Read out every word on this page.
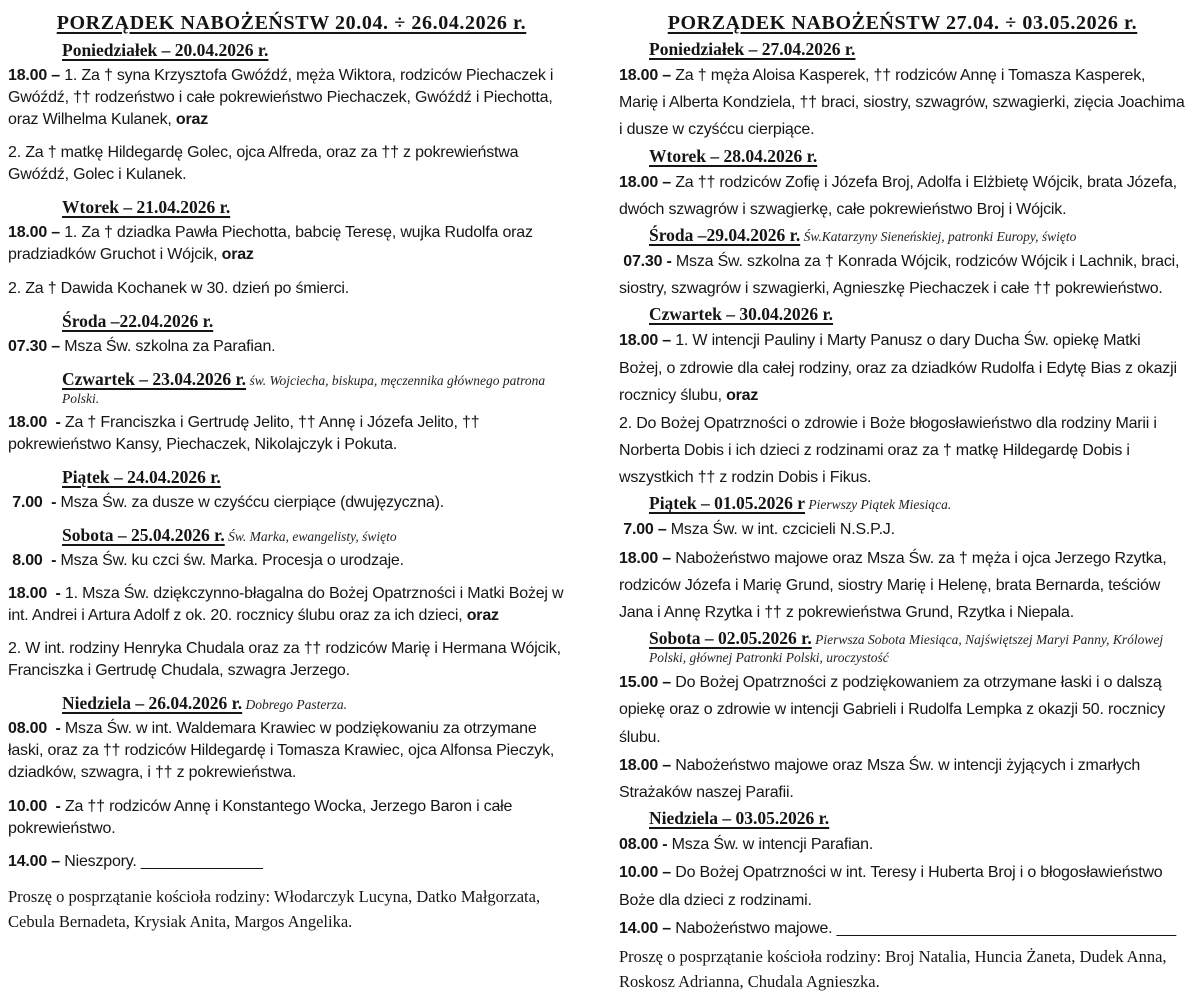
PORZĄDEK NABOŻEŃSTW 20.04. ÷ 26.04.2026 r.
Poniedziałek – 20.04.2026 r.
18.00 – 1. Za † syna Krzysztofa Gwóźdź, męża Wiktora, rodziców Piechaczek i Gwóźdź, †† rodzeństwo i całe pokrewieństwo Piechaczek, Gwóźdź i Piechotta, oraz Wilhelma Kulanek, oraz
2. Za † matkę Hildegardę Golec, ojca Alfreda, oraz za †† z pokrewieństwa Gwóźdź, Golec i Kulanek.
Wtorek – 21.04.2026 r.
18.00 – 1. Za † dziadka Pawła Piechotta, babcię Teresę, wujka Rudolfa oraz pradziadków Gruchot i Wójcik, oraz
2. Za † Dawida Kochanek w 30. dzień po śmierci.
Środa –22.04.2026 r.
07.30 – Msza Św. szkolna za Parafian.
Czwartek – 23.04.2026 r. św. Wojciecha, biskupa, męczennika głównego patrona Polski.
18.00  - Za † Franciszka i Gertrudę Jelito, †† Annę i Józefa Jelito, †† pokrewieństwo Kansy, Piechaczek, Nikolajczyk i Pokuta.
Piątek – 24.04.2026 r.
7.00  - Msza Św. za dusze w czyśćcu cierpiące (dwujęzyczna).
Sobota – 25.04.2026 r. Św. Marka, ewangelisty, święto
8.00  - Msza Św. ku czci św. Marka. Procesja o urodzaje.
18.00  - 1. Msza Św. dziękczynno-błagalna do Bożej Opatrzności i Matki Bożej w int. Andrei i Artura Adolf z ok. 20. rocznicy ślubu oraz za ich dzieci, oraz
2. W int. rodziny Henryka Chudala oraz za †† rodziców Marię i Hermana Wójcik, Franciszka i Gertrudę Chudala, szwagra Jerzego.
Niedziela – 26.04.2026 r. Dobrego Pasterza.
08.00  - Msza Św. w int. Waldemara Krawiec w podziękowaniu za otrzymane łaski, oraz za †† rodziców Hildegardę i Tomasza Krawiec, ojca Alfonsa Pieczyk, dziadków, szwagra, i †† z pokrewieństwa.
10.00  - Za †† rodziców Annę i Konstantego Wocka, Jerzego Baron i całe pokrewieństwo.
14.00 – Nieszpory. ______________
Proszę o posprzątanie kościoła rodziny: Włodarczyk Lucyna, Datko Małgorzata, Cebula Bernadeta, Krysiak Anita, Margos Angelika.
PORZĄDEK NABOŻEŃSTW 27.04. ÷ 03.05.2026 r.
Poniedziałek – 27.04.2026 r.
18.00 – Za † męża Aloisa Kasperek, †† rodziców Annę i Tomasza Kasperek, Marię i Alberta Kondziela, †† braci, siostry, szwagrów, szwagierki, zięcia Joachima i dusze w czyśćcu cierpiące.
Wtorek – 28.04.2026 r.
18.00 – Za †† rodziców Zofię i Józefa Broj, Adolfa i Elżbietę Wójcik, brata Józefa, dwóch szwagrów i szwagierkę, całe pokrewieństwo Broj i Wójcik.
Środa –29.04.2026 r. Św.Katarzyny Sieneńskiej, patronki Europy, święto
07.30 - Msza Św. szkolna za † Konrada Wójcik, rodziców Wójcik i Lachnik, braci, siostry, szwagrów i szwagierki, Agnieszkę Piechaczek i całe †† pokrewieństwo.
Czwartek – 30.04.2026 r.
18.00 – 1. W intencji Pauliny i Marty Panusz o dary Ducha Św. opiekę Matki Bożej, o zdrowie dla całej rodziny, oraz za dziadków Rudolfa i Edytę Bias z okazji rocznicy ślubu, oraz
2. Do Bożej Opatrzności o zdrowie i Boże błogosławieństwo dla rodziny Marii i Norberta Dobis i ich dzieci z rodzinami oraz za † matkę Hildegardę Dobis i wszystkich †† z rodzin Dobis i Fikus.
Piątek – 01.05.2026 r Pierwszy Piątek Miesiąca.
7.00 – Msza Św. w int. czcicieli N.S.P.J.
18.00 – Nabożeństwo majowe oraz Msza Św. za † męża i ojca Jerzego Rzytka, rodziców Józefa i Marię Grund, siostry Marię i Helenę, brata Bernarda, teściów Jana i Annę Rzytka i †† z pokrewieństwa Grund, Rzytka i Niepala.
Sobota – 02.05.2026 r. Pierwsza Sobota Miesiąca, Najświętszej Maryi Panny, Królowej Polski, głównej Patronki Polski, uroczystość
15.00 – Do Bożej Opatrzności z podziękowaniem za otrzymane łaski i o dalszą opiekę oraz o zdrowie w intencji Gabrieli i Rudolfa Lempka z okazji 50. rocznicy ślubu.
18.00 – Nabożeństwo majowe oraz Msza Św. w intencji żyjących i zmarłych Strażaków naszej Parafii.
Niedziela – 03.05.2026 r.
08.00 - Msza Św. w intencji Parafian.
10.00 – Do Bożej Opatrzności w int. Teresy i Huberta Broj i o błogosławieństwo Boże dla dzieci z rodzinami.
14.00 – Nabożeństwo majowe. _______________________________________
Proszę o posprzątanie kościoła rodziny: Broj Natalia, Huncia Żaneta, Dudek Anna, Roskosz Adrianna, Chudala Agnieszka.
